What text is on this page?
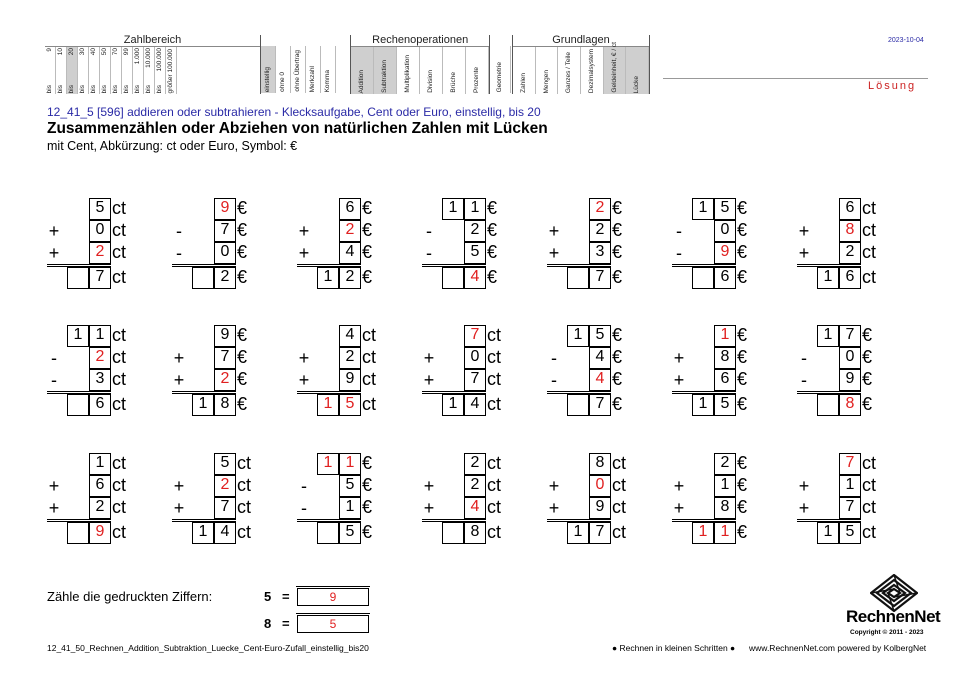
Zahlbereich
9
bis
10
bis
20
bis
30
bis
40
bis
50
bis
70
bis
99
bis
1.000
bis
10.000
bis
100.000
bis größer 100.000	einstellig ohne 0 ohne Übertrag Merkzahl Komma
Rechenoperationen
Addition Subtraktion Multiplikation Division Brüche Prozente Geometrie
Grundlagen
Zahlen Mengen Ganzes / Teile Dezimalsystem Geldeinheit, € / ct Lücke
2023-10-04
Lösung
12_41_5 [596] addieren oder subtrahieren - Klecksaufgabe, Cent oder Euro, einstellig, bis 20
Zusammenzählen oder Abziehen von natürlichen Zahlen mit Lücken
mit Cent, Abkürzung: ct oder Euro, Symbol: €
5 ct
+	0 ct
+	2 ct
7 ct
9 €
-	7 €
-	0 €
2 €
6 €
+	2 €
+	4 €
1 2 €
1 1 €
-	2 €
-	5 €
4 €
2 €
+	2 €
+	3 €
7 €
1 5 €
-	0 €
-	9 €
6 €
6 ct
+	8 ct
+	2 ct
1 6 ct
1 1 ct
-	2 ct
-	3 ct
6 ct
9 €
+	7 €
+	2 €
1 8 €
4 ct
+	2 ct
+	9 ct
1 5 ct
7 ct
+	0 ct
+	7 ct
1 4 ct
1 5 €
-	4 €
-	4 €
7 €
1 €
+	8 €
+	6 €
1 5 €
1 7 €
-	0 €
-	9 €
8 €
1 ct
+	6 ct
+	2 ct
9 ct
5 ct
+	2 ct
+	7 ct
1 4 ct
1 1 €
-	5 €
-	1 €
5 €
2 ct
+	2 ct
+	4 ct
8 ct
8 ct
+	0 ct
+	9 ct
1 7 ct
2 €
+	1 €
+	8 €
1 1 €
7 ct
+	1 ct
+	7 ct
1 5 ct
Zähle die gedruckten Ziffern:	5 =	9
8 =	5	RechnenNet
Copyright © 2011 - 2023
12_41_50_Rechnen_Addition_Subtraktion_Luecke_Cent-Euro-Zufall_einstellig_bis20	● Rechnen in kleinen Schritten ● www.RechnenNet.com powered by KolbergNet
